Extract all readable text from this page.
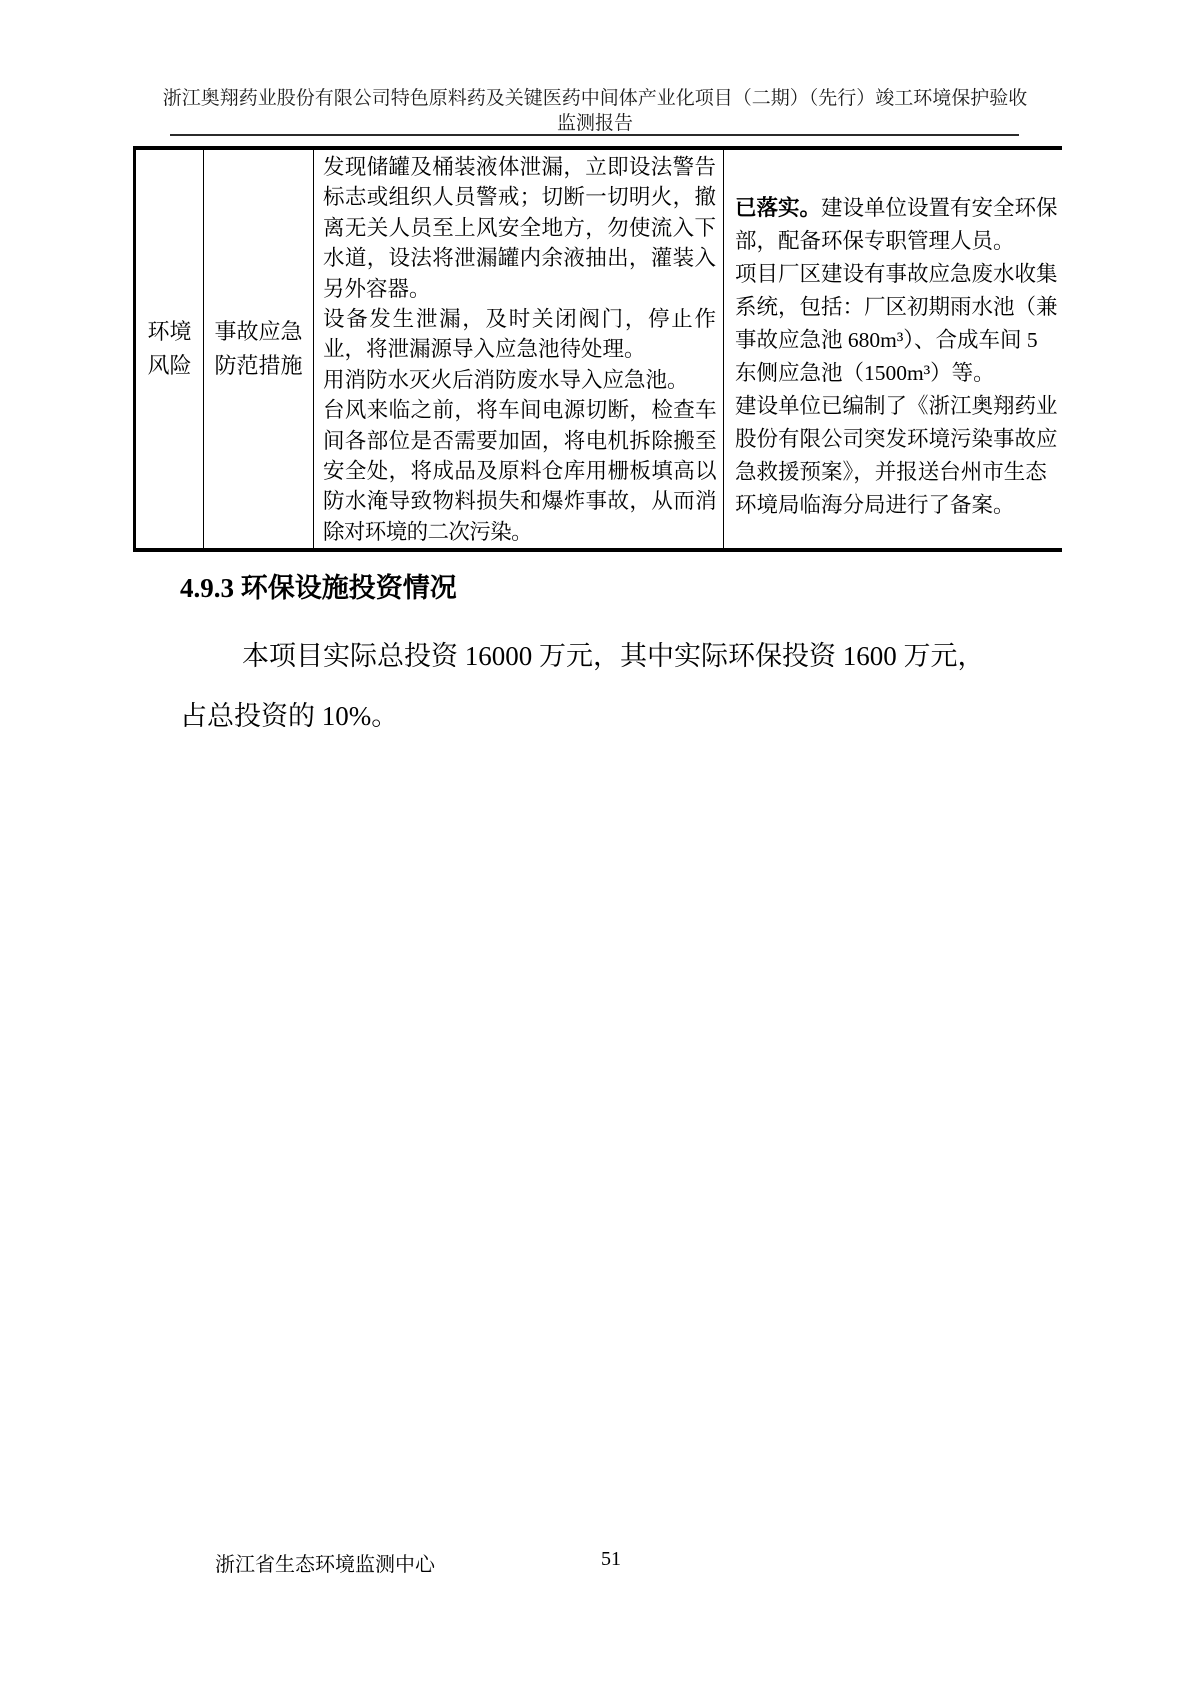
浙江奥翔药业股份有限公司特色原料药及关键医药中间体产业化项目（二期）（先行）竣工环境保护验收
监测报告
环境风险
事故应急防范措施

发现储罐及桶装液体泄漏，立即设法警告标志或组织人员警戒；切断一切明火，撤离无关人员至上风安全地方，勿使流入下水道，设法将泄漏罐内余液抽出，灌装入另外容器。

设备发生泄漏，及时关闭阀门，停止作业，将泄漏源导入应急池待处理。

用消防水灭火后消防废水导入应急池。

台风来临之前，将车间电源切断，检查车间各部位是否需要加固，将电机拆除搬至安全处，将成品及原料仓库用栅板填高以防水淹导致物料损失和爆炸事故，从而消除对环境的二次污染。

已落实。建设单位设置有安全环保部，配备环保专职管理人员。

项目厂区建设有事故应急废水收集系统，包括：厂区初期雨水池（兼事故应急池 680m³）、合成车间 5 东侧应急池（1500m³）等。

建设单位已编制了《浙江奥翔药业股份有限公司突发环境污染事故应急救援预案》，并报送台州市生态环境局临海分局进行了备案。

4.9.3 环保设施投资情况

本项目实际总投资 16000 万元，其中实际环保投资 1600 万元，占总投资的 10%。

浙江省生态环境监测中心	51
